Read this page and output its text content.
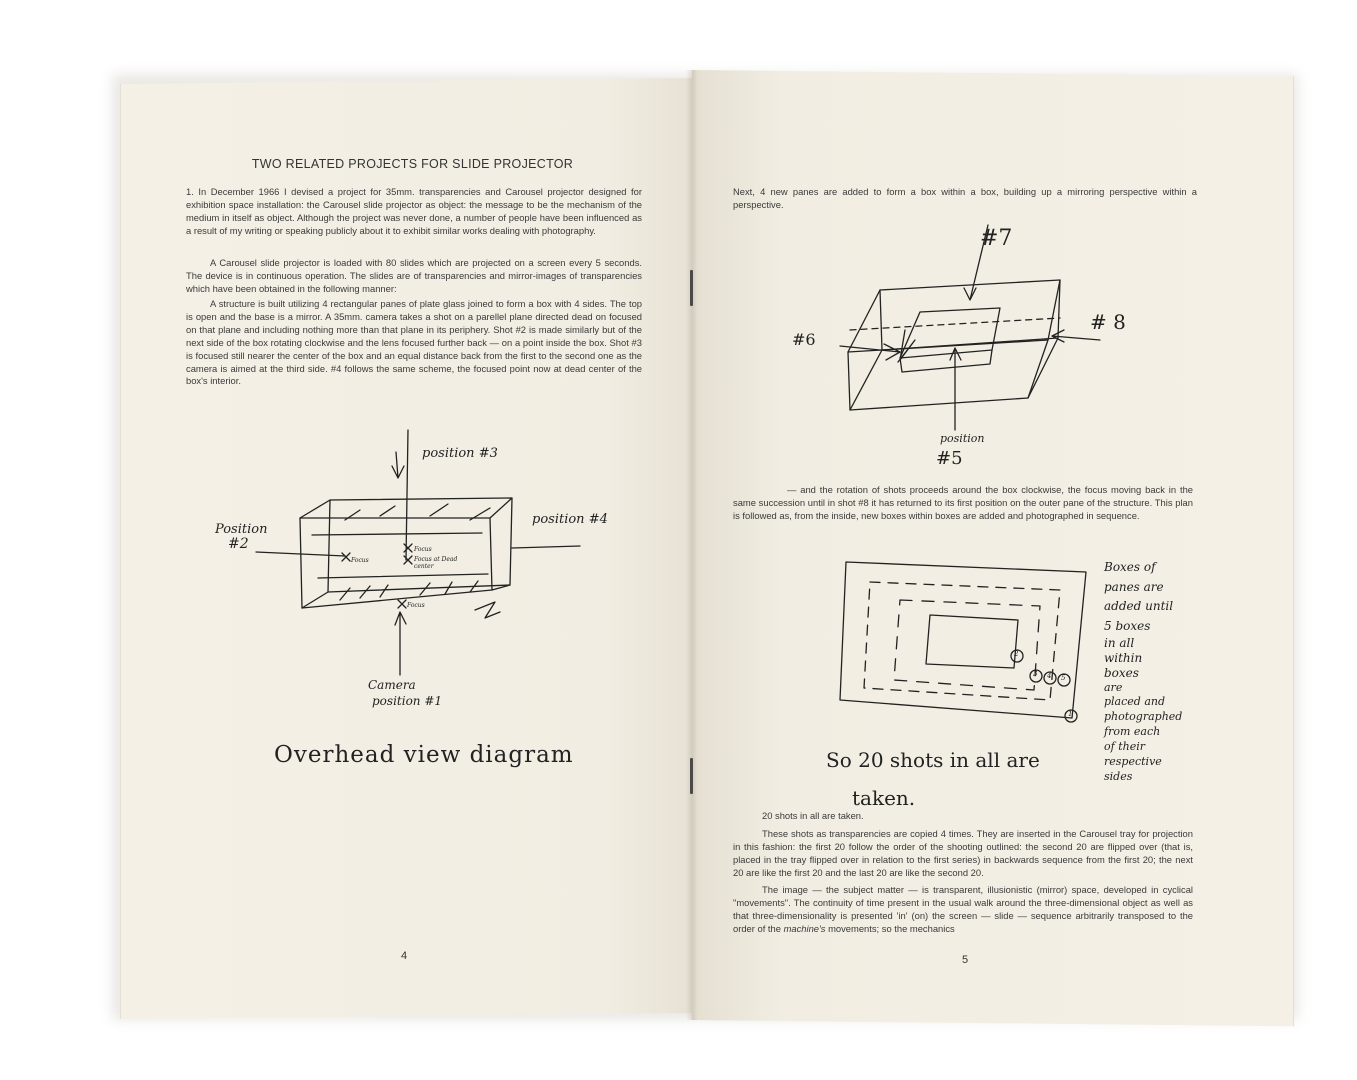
TWO RELATED PROJECTS FOR SLIDE PROJECTOR

1. In December 1966 I devised a project for 35mm. transparencies and Carousel projector designed for exhibition space installation: the Carousel slide projector as object: the message to be the mechanism of the medium in itself as object. Although the project was never done, a number of people have been influenced as a result of my writing or speaking publicly about it to exhibit similar works dealing with photography.

A Carousel slide projector is loaded with 80 slides which are projected on a screen every 5 seconds. The device is in continuous operation. The slides are of transparencies and mirror-images of transparencies which have been obtained in the following manner:

A structure is built utilizing 4 rectangular panes of plate glass joined to form a box with 4 sides. The top is open and the base is a mirror. A 35mm. camera takes a shot on a parellel plane directed dead on focused on that plane and including nothing more than that plane in its periphery. Shot #2 is made similarly but of the next side of the box rotating clockwise and the lens focused further back — on a point inside the box. Shot #3 is focused still nearer the center of the box and an equal distance back from the first to the second one as the camera is aimed at the third side. #4 follows the same scheme, the focused point now at dead center of the box's interior.

position #3
position #4
Position
#2
Focus
Focus
Focus at Dead center
Focus
Camera
position #1
Overhead view diagram
4

Next, 4 new panes are added to form a box within a box, building up a mirroring perspective within a perspective.

#7
#6
# 8
position
#5

— and the rotation of shots proceeds around the box clockwise, the focus moving back in the same succession until in shot #8 it has returned to its first position on the outer pane of the structure. This plan is followed as, from the inside, new boxes within boxes are added and photographed in sequence.

2
3 4 5
1
Boxes of
panes are
added until
5 boxes
in all
within
boxes
are
placed and
photographed
from each
of their
respective
sides
So 20 shots in all are
taken.

20 shots in all are taken.

These shots as transparencies are copied 4 times. They are inserted in the Carousel tray for projection in this fashion: the first 20 follow the order of the shooting outlined: the second 20 are flipped over (that is, placed in the tray flipped over in relation to the first series) in backwards sequence from the first 20; the next 20 are like the first 20 and the last 20 are like the second 20.

The image — the subject matter — is transparent, illusionistic (mirror) space, developed in cyclical "movements". The continuity of time present in the usual walk around the three-dimensional object as well as that three-dimensionality is presented 'in' (on) the screen — slide — sequence arbitrarily transposed to the order of the machine's movements; so the mechanics

5
